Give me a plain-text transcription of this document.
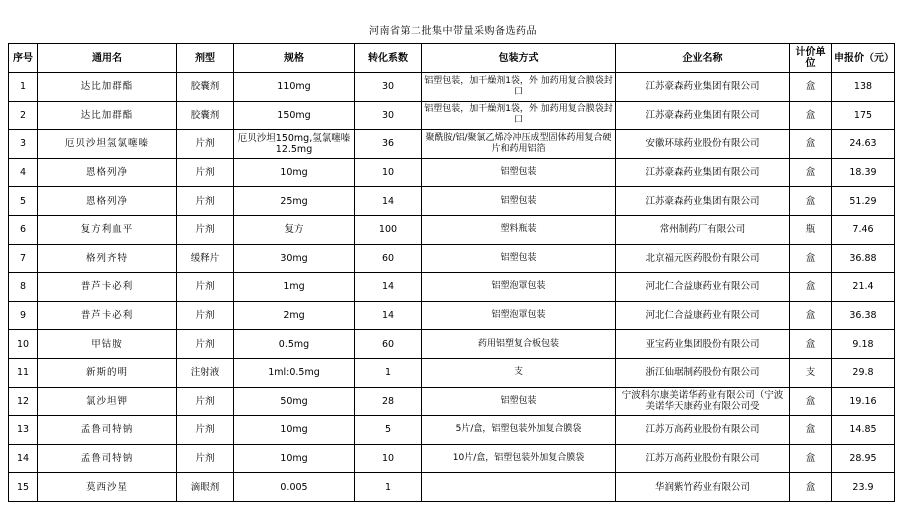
河南省第二批集中带量采购备选药品
序号	通用名	剂型	规格	转化系数	包装方式	企业名称	计价单位	申报价（元）
1	达比加群酯	胶囊剂	110mg	30	铝塑包装，加干燥剂1袋，外 加药用复合膜袋封口	江苏豪森药业集团有限公司	盒	138
2	达比加群酯	胶囊剂	150mg	30	铝塑包装，加干燥剂1袋，外 加药用复合膜袋封口	江苏豪森药业集团有限公司	盒	175
3	厄贝沙坦氢氯噻嗪	片剂	厄贝沙坦150mg,氢氯噻嗪12.5mg	36	聚酰胺/铝/聚氯乙烯冷冲压成型固体药用复合硬片和药用铝箔	安徽环球药业股份有限公司	盒	24.63
4	恩格列净	片剂	10mg	10	铝塑包装	江苏豪森药业集团有限公司	盒	18.39
5	恩格列净	片剂	25mg	14	铝塑包装	江苏豪森药业集团有限公司	盒	51.29
6	复方利血平	片剂	复方	100	塑料瓶装	常州制药厂有限公司	瓶	7.46
7	格列齐特	缓释片	30mg	60	铝塑包装	北京福元医药股份有限公司	盒	36.88
8	普芦卡必利	片剂	1mg	14	铝塑泡罩包装	河北仁合益康药业有限公司	盒	21.4
9	普芦卡必利	片剂	2mg	14	铝塑泡罩包装	河北仁合益康药业有限公司	盒	36.38
10	甲钴胺	片剂	0.5mg	60	药用铝塑复合板包装	亚宝药业集团股份有限公司	盒	9.18
11	新斯的明	注射液	1ml:0.5mg	1	支	浙江仙琚制药股份有限公司	支	29.8
12	氯沙坦钾	片剂	50mg	28	铝塑包装	宁波科尔康美诺华药业有限公司（宁波美诺华天康药业有限公司受	盒	19.16
13	孟鲁司特钠	片剂	10mg	5	5片/盒，铝塑包装外加复合膜袋	江苏万高药业股份有限公司	盒	14.85
14	孟鲁司特钠	片剂	10mg	10	10片/盒，铝塑包装外加复合膜袋	江苏万高药业股份有限公司	盒	28.95
15	莫西沙星	滴眼剂	0.005	1		华润紫竹药业有限公司	盒	23.9
